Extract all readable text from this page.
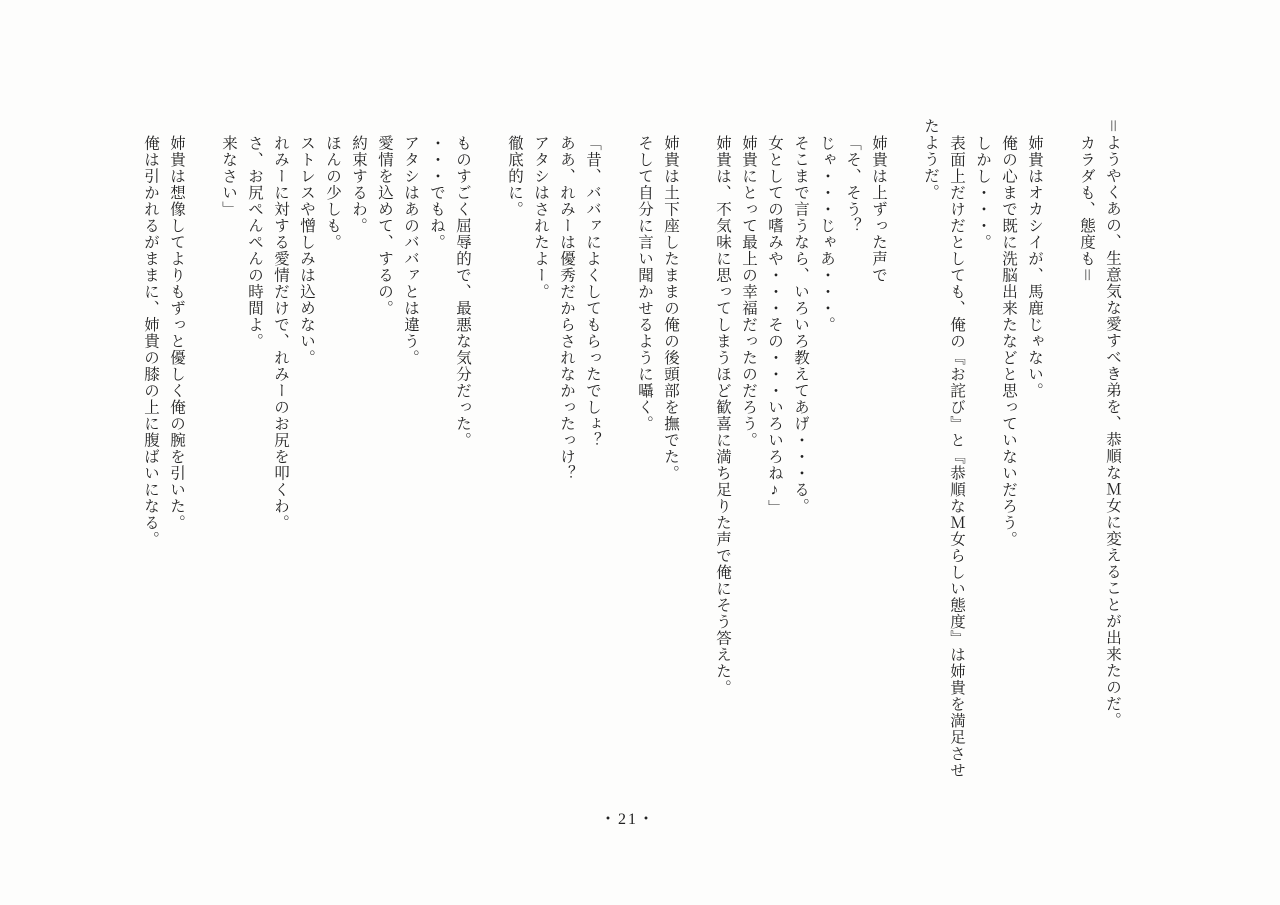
＝ようやくあの、生意気な愛すべき弟を、恭順なＭ女に変えることが出来たのだ。
カラダも、態度も＝
姉貴はオカシイが、馬鹿じゃない。
俺の心まで既に洗脳出来たなどと思っていないだろう。
しかし・・・。
表面上だけだとしても、俺の『お詫び』と『恭順なＭ女らしい態度』は姉貴を満足させ
たようだ。
姉貴は上ずった声で
「そ、そう？
じゃ・・・じゃあ・・・。
そこまで言うなら、いろいろ教えてあげ・・・る。
女としての嗜みや・・・その・・・いろいろね♪」
姉貴にとって最上の幸福だったのだろう。
姉貴は、不気味に思ってしまうほど歓喜に満ち足りた声で俺にそう答えた。
姉貴は土下座したままの俺の後頭部を撫でた。
そして自分に言い聞かせるように囁く。
「昔、ババァによくしてもらったでしょ？
ああ、れみーは優秀だからされなかったっけ？
アタシはされたよー。
徹底的に。
ものすごく屈辱的で、最悪な気分だった。
・・・でもね。
アタシはあのババァとは違う。
愛情を込めて、するの。
約束するわ。
ほんの少しも。
ストレスや憎しみは込めない。
れみーに対する愛情だけで、れみーのお尻を叩くわ。
さ、お尻ぺんぺんの時間よ。
来なさい」
姉貴は想像してよりもずっと優しく俺の腕を引いた。
俺は引かれるがままに、姉貴の膝の上に腹ばいになる。
・21・
